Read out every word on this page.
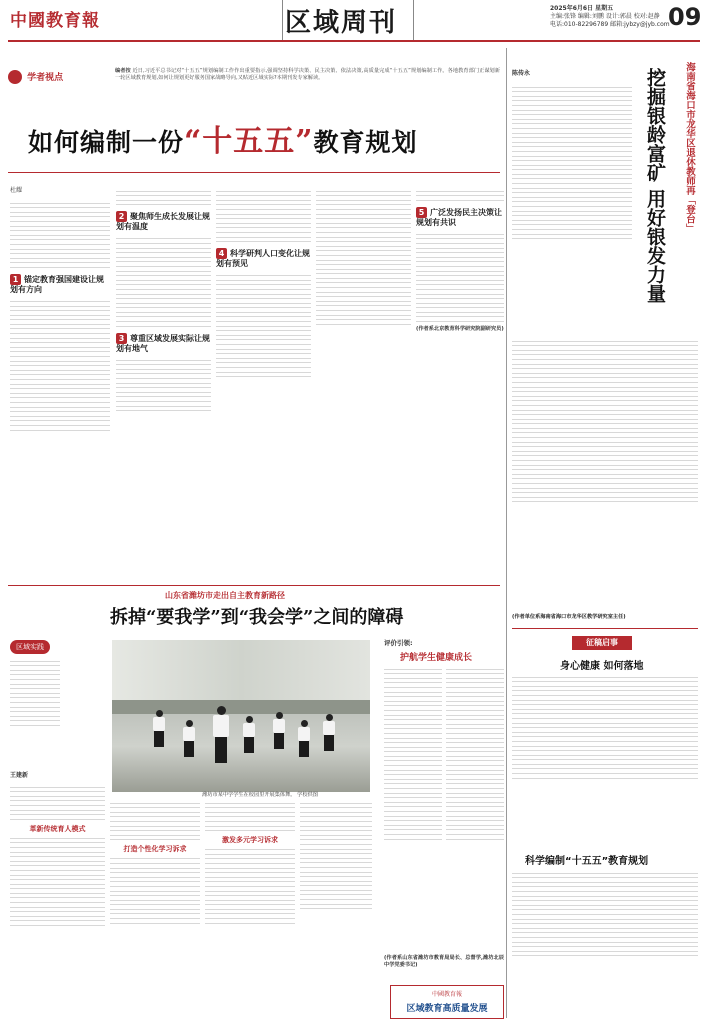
中國教育報	区域周刊	2025年6月6日 星期五
主编:张锋 编辑:刘鹏 设计:郭晨 校对:赵静
电话:010-82296789 邮箱:jybzy@jyb.com
09
学者视点
编者按 近日,习近平总书记对“十五五”规划编制工作作出重要指示,强调坚持科学决策、民主决策、依法决策,高质量完成“十五五”规划编制工作。各地教育部门正谋划新一轮区域教育规划,如何让规划更好服务国家战略导向,又贴近区域实际?本期刊发专家解读。
如何编制一份“十五五”教育规划
杜耀
1 锚定教育强国建设让规划有方向
2 聚焦师生成长发展让规划有温度
3 尊重区域发展实际让规划有地气
4 科学研判人口变化让规划有预见
5 广泛发扬民主决策让规划有共识
(作者系北京教育科学研究院副研究员)
山东省潍坊市走出自主教育新路径
拆掉“要我学”到“我会学”之间的障碍
区域实践
潍坊市某中学学生在校园里开展集体舞。 学校供图
王建新
革新传统育人模式
打造个性化学习诉求
激发多元学习诉求
评价引领:
护航学生健康成长
(作者系山东省潍坊市教育局局长、总督学,潍坊北辰中学党委书记)
中國教育報
区域教育高质量发展
陈传永	海南省海口市龙华区退休教师再「登台」
挖掘银龄富矿 用好银发力量
(作者单位系海南省海口市龙华区教学研究室主任)
征稿启事
身心健康 如何落地
科学编制“十五五”教育规划
